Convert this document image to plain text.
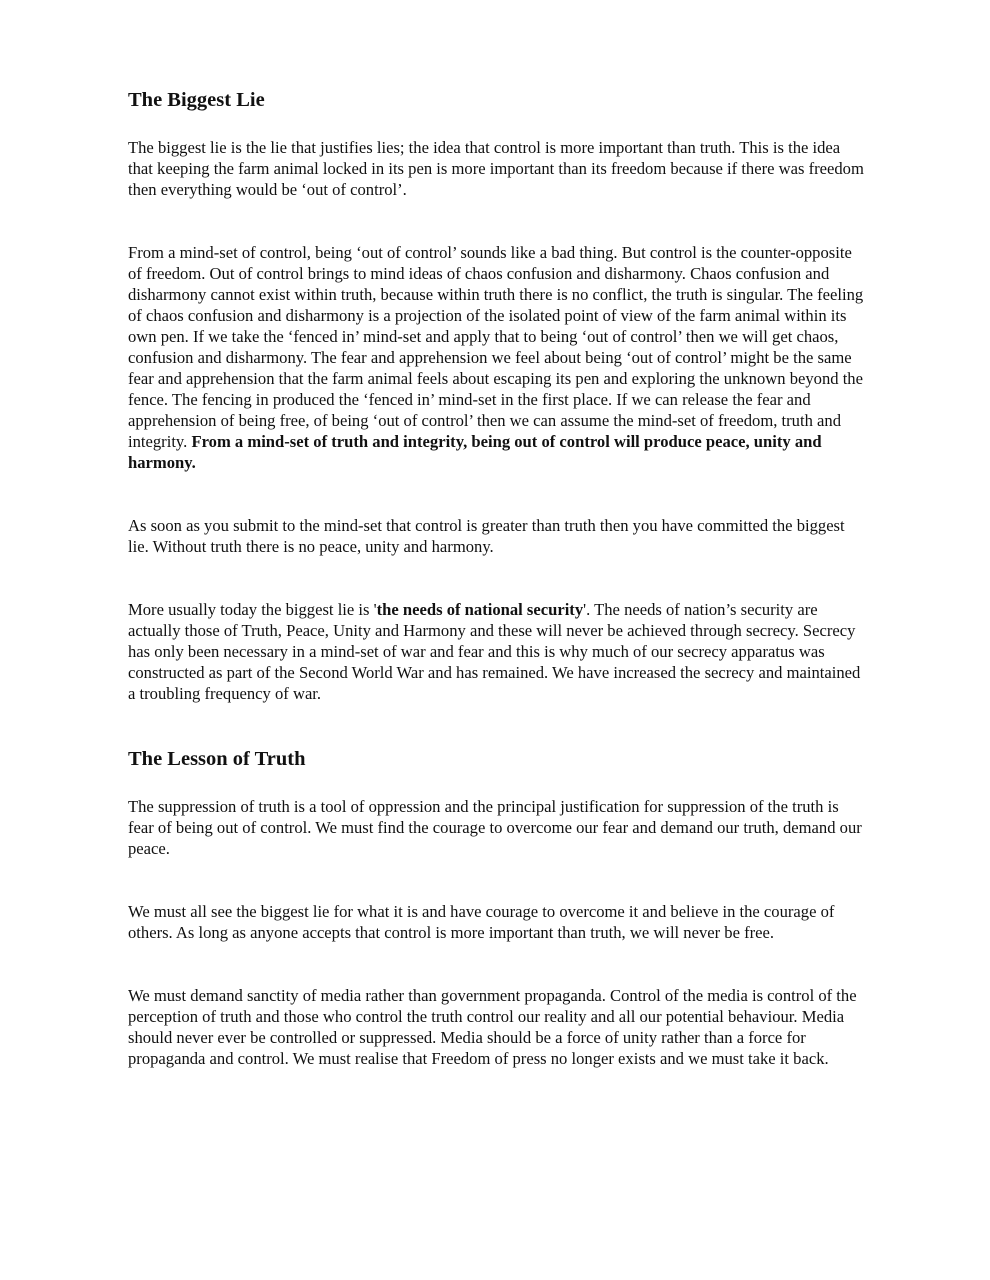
The Biggest Lie

The biggest lie is the lie that justifies lies; the idea that control is more important than truth. This is the idea that keeping the farm animal locked in its pen is more important than its freedom because if there was freedom then everything would be ‘out of control’.

From a mind-set of control, being ‘out of control’ sounds like a bad thing. But control is the counter-opposite of freedom. Out of control brings to mind ideas of chaos confusion and disharmony. Chaos confusion and disharmony cannot exist within truth, because within truth there is no conflict, the truth is singular. The feeling of chaos confusion and disharmony is a projection of the isolated point of view of the farm animal within its own pen. If we take the ‘fenced in’ mind-set and apply that to being ‘out of control’ then we will get chaos, confusion and disharmony. The fear and apprehension we feel about being ‘out of control’ might be the same fear and apprehension that the farm animal feels about escaping its pen and exploring the unknown beyond the fence. The fencing in produced the ‘fenced in’ mind-set in the first place. If we can release the fear and apprehension of being free, of being ‘out of control’ then we can assume the mind-set of freedom, truth and integrity. From a mind-set of truth and integrity, being out of control will produce peace, unity and harmony.

As soon as you submit to the mind-set that control is greater than truth then you have committed the biggest lie. Without truth there is no peace, unity and harmony.

More usually today the biggest lie is 'the needs of national security'. The needs of nation’s security are actually those of Truth, Peace, Unity and Harmony and these will never be achieved through secrecy. Secrecy has only been necessary in a mind-set of war and fear and this is why much of our secrecy apparatus was constructed as part of the Second World War and has remained. We have increased the secrecy and maintained a troubling frequency of war.

The Lesson of Truth

The suppression of truth is a tool of oppression and the principal justification for suppression of the truth is fear of being out of control. We must find the courage to overcome our fear and demand our truth, demand our peace.

We must all see the biggest lie for what it is and have courage to overcome it and believe in the courage of others. As long as anyone accepts that control is more important than truth, we will never be free.

We must demand sanctity of media rather than government propaganda. Control of the media is control of the perception of truth and those who control the truth control our reality and all our potential behaviour. Media should never ever be controlled or suppressed. Media should be a force of unity rather than a force for propaganda and control. We must realise that Freedom of press no longer exists and we must take it back.
